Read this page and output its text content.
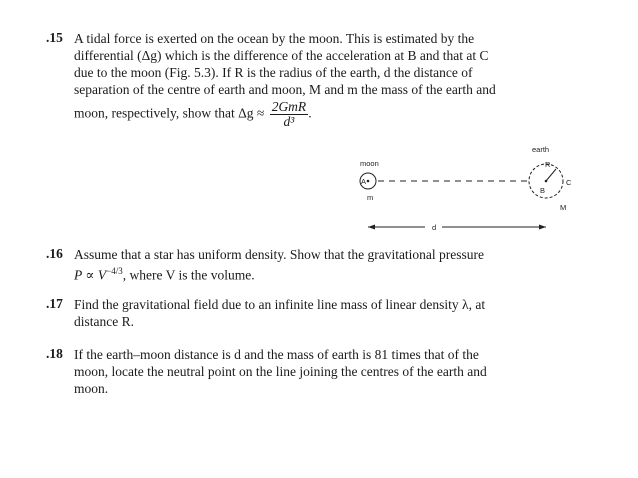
.15 A tidal force is exerted on the ocean by the moon. This is estimated by the
differential (Δg) which is the difference of the acceleration at B and that at C
due to the moon (Fig. 5.3). If R is the radius of the earth, d the distance of
separation of the centre of earth and moon, M and m the mass of the earth and
moon, respectively, show that $\Delta g \approx \frac{\text{2GmR}}{\text{d³}}$ .
earth
moon
A
m
R
B
C
M
d
.16 Assume that a star has uniform density. Show that the gravitational pressure
$P \propto V^{-4/3}$, where V is the volume.
.17 Find the gravitational field due to an infinite line mass of linear density λ, at
distance R.
.18 If the earth–moon distance is d and the mass of earth is 81 times that of the
moon, locate the neutral point on the line joining the centres of the earth and
moon.
